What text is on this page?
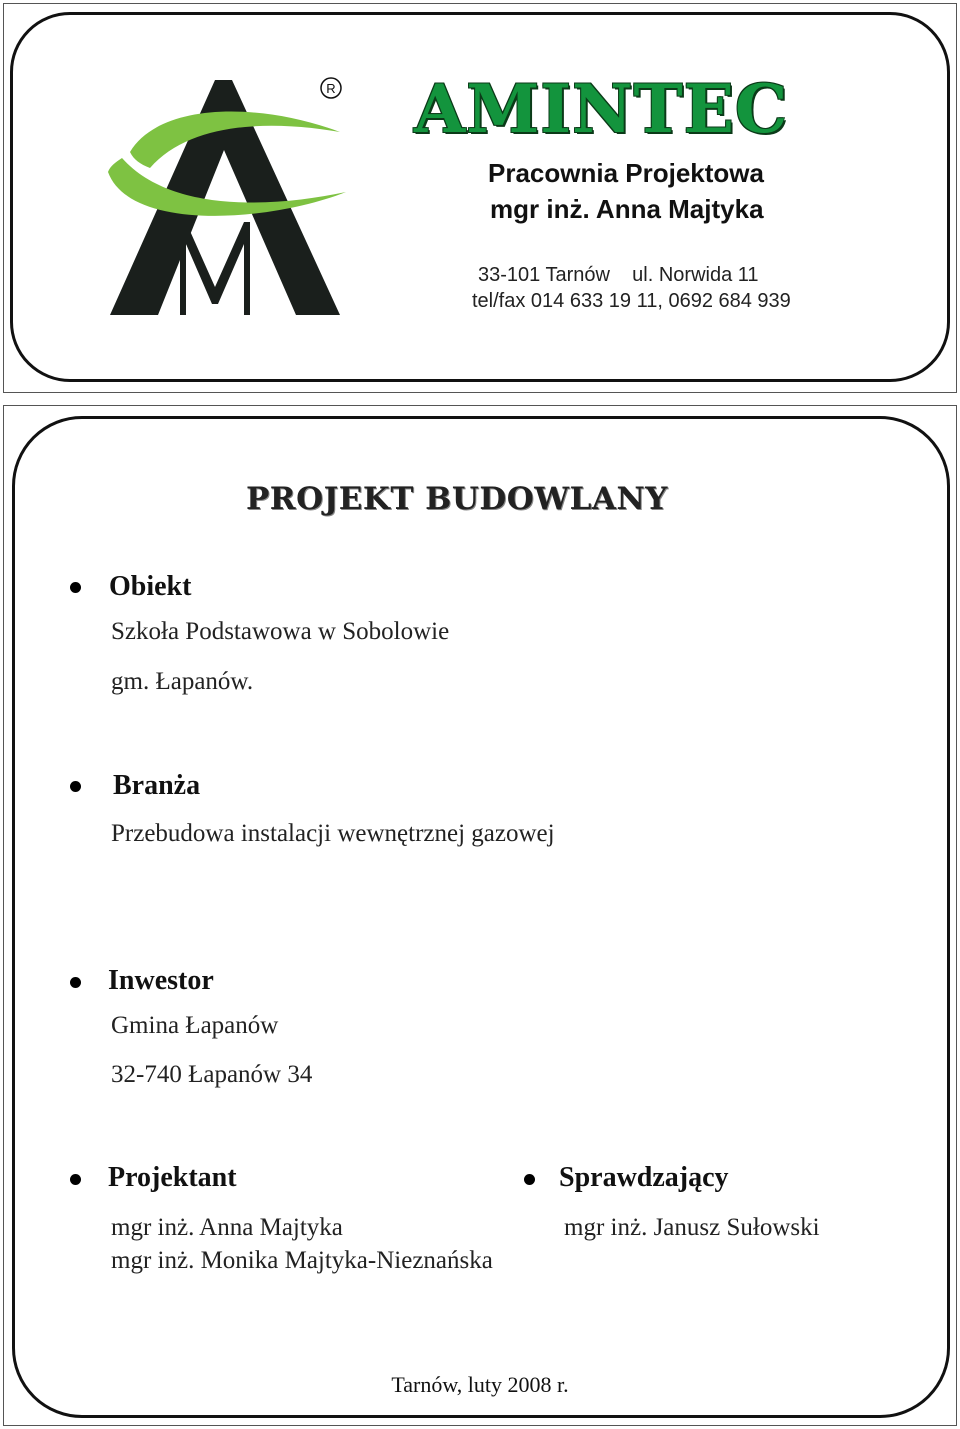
R AMINTEC
Pracownia Projektowa
mgr inż. Anna Majtyka
33-101 Tarnów    ul. Norwida 11
tel/fax 014 633 19 11, 0692 684 939
PROJEKT BUDOWLANY
Obiekt
Szkoła Podstawowa w Sobolowie
gm. Łapanów.
Branża
Przebudowa instalacji wewnętrznej gazowej
Inwestor
Gmina Łapanów
32-740 Łapanów 34
Projektant
mgr inż. Anna Majtyka
mgr inż. Monika Majtyka-Nieznańska
Sprawdzający
mgr inż. Janusz Sułowski
Tarnów, luty 2008 r.
